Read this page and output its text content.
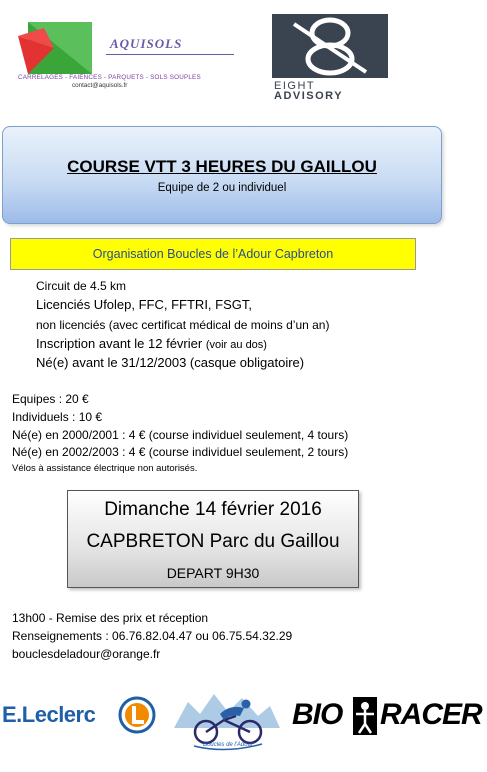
AQUISOLS
CARRELAGES - FAIENCES - PARQUETS - SOLS SOUPLES
contact@aquisols.fr	EIGHT
ADVISORY
COURSE VTT 3 HEURES DU GAILLOU
Equipe de 2 ou individuel
Organisation Boucles de l’Adour Capbreton
Circuit de 4.5 km
Licenciés Ufolep, FFC, FFTRI, FSGT,
non licenciés (avec certificat médical de moins d’un an)
Inscription avant le 12 février (voir au dos)
Né(e) avant le 31/12/2003 (casque obligatoire)
Equipes : 20 €
Individuels : 10 €
Né(e) en 2000/2001 : 4 € (course individuel seulement, 4 tours)
Né(e) en 2002/2003 : 4 € (course individuel seulement, 2 tours)
Vélos à assistance électrique non autorisés.
Dimanche 14 février 2016
CAPBRETON Parc du Gaillou
DEPART 9H30
13h00 - Remise des prix et réception
Renseignements : 06.76.82.04.47 ou 06.75.54.32.29
bouclesdeladour@orange.fr
E.Leclerc
Boucles de l'Adour
BIO RACER
